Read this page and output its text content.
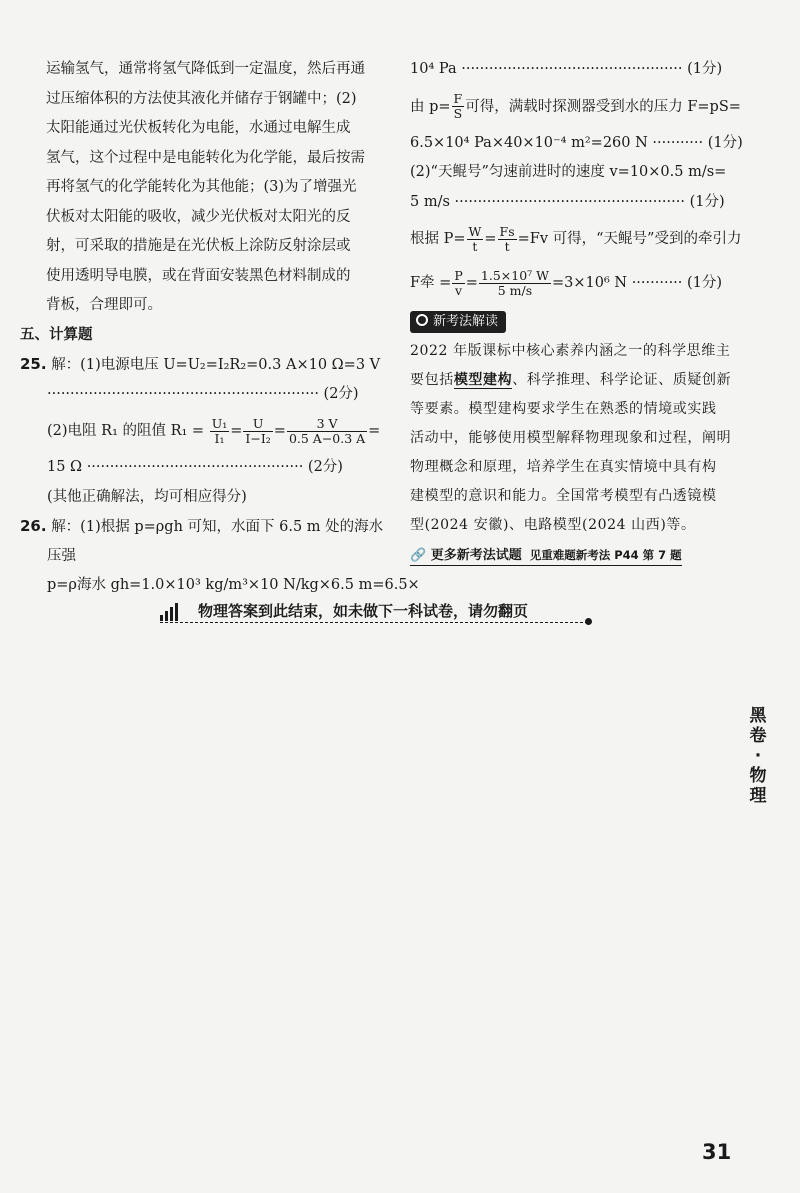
运输氢气，通常将氢气降低到一定温度，然后再通
过压缩体积的方法使其液化并储存于钢罐中；(2)
太阳能通过光伏板转化为电能，水通过电解生成
氢气，这个过程中是电能转化为化学能，最后按需
再将氢气的化学能转化为其他能；(3)为了增强光
伏板对太阳能的吸收，减少光伏板对太阳光的反
射，可采取的措施是在光伏板上涂防反射涂层或
使用透明导电膜，或在背面安装黑色材料制成的
背板，合理即可。
五、计算题
25. 解：(1)电源电压 U=U₂=I₂R₂=0.3 A×10 Ω=3 V
··························································· (2分)
(2)电阻 R₁ 的阻值 $R_1 = \frac{\text{U₁}}{\text{I₁}} = \frac{U}{\text{I−I₂}} = \frac{3 V}{0.5 A-0.3 A}$ =
15 Ω ··············································· (2分)
(其他正确解法，均可相应得分)
26. 解：(1)根据 p=ρgh 可知，水面下 6.5 m 处的海水
压强
p=ρ海水 gh=1.0×10³ kg/m³×10 N/kg×6.5 m=6.5×
10⁴ Pa ················································ (1分)
由 $p= \frac{F}{S}$ 可得，满载时探测器受到水的压力 F=pS=
6.5×10⁴ Pa×40×10⁻⁴ m²=260 N ··········· (1分)
(2)“天鲲号”匀速前进时的速度 v=10×0.5 m/s=
5 m/s ·················································· (1分)
根据 $P= \frac{W}{t} = \frac{Fs}{t} =Fv$ 可得，“天鲲号”受到的牵引力
F牵 = $\frac{P}{v} = \frac{\text{1.5×10⁷ W}}{5 m/s} =3\times 10^6$ N ··········· (1分)
新考法解读
2022 年版课标中核心素养内涵之一的科学思维主
要包括模型建构、科学推理、科学论证、质疑创新
等要素。模型建构要求学生在熟悉的情境或实践
活动中，能够使用模型解释物理现象和过程，阐明
物理概念和原理，培养学生在真实情境中具有构
建模型的意识和能力。全国常考模型有凸透镜模
型(2024 安徽)、电路模型(2024 山西)等。
🔗 更多新考法试题 见重难题新考法 P44 第 7 题
物理答案到此结束，如未做下一科试卷，请勿翻页
黑
卷
·
物
理
31
